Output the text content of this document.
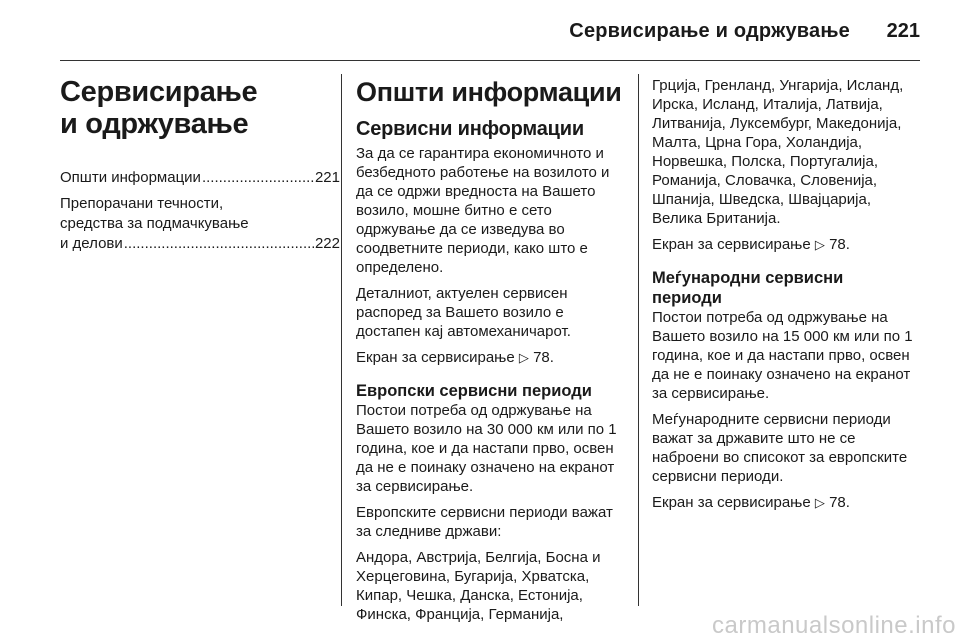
Сервисирање и одржување 221
Сервисирање
и одржување
Општи информации .....	221
Препорачани течности,
средства за подмачкување
и делови .....	222
Општи информации
Сервисни информации

За да се гарантира економичното и безбедното работење на возилото и да се одржи вредноста на Вашето возило, мошне битно е сето одржување да се изведува во соодветните периоди, како што е определено.

Деталниот, актуелен сервисен распоред за Вашето возило е достапен кај автомеханичарот.

Екран за сервисирање ▷ 78.

Европски сервисни периоди

Постои потреба од одржување на Вашето возило на 30 000 км или по 1 година, кое и да настапи прво, освен да не е поинаку означено на екранот за сервисирање.

Европските сервисни периоди важат за следниве држави:

Андора, Австрија, Белгија, Босна и Херцеговина, Бугарија, Хрватска, Кипар, Чешка, Данска, Естонија, Финска, Франција, Германија,

Грција, Гренланд, Унгарија, Исланд, Ирска, Исланд, Италија, Латвија, Литванија, Луксембург, Македонија, Малта, Црна Гора, Холандија, Норвешка, Полска, Португалија, Романија, Словачка, Словенија, Шпанија, Шведска, Швајцарија, Велика Британија.

Екран за сервисирање ▷ 78.

Меѓународни сервисни
периоди

Постои потреба од одржување на Вашето возило на 15 000 км или по 1 година, кое и да настапи прво, освен да не е поинаку означено на екранот за сервисирање.

Меѓународните сервисни периоди важат за државите што не се наброени во списокот за европските сервисни периоди.

Екран за сервисирање ▷ 78.

carmanualsonline.info
